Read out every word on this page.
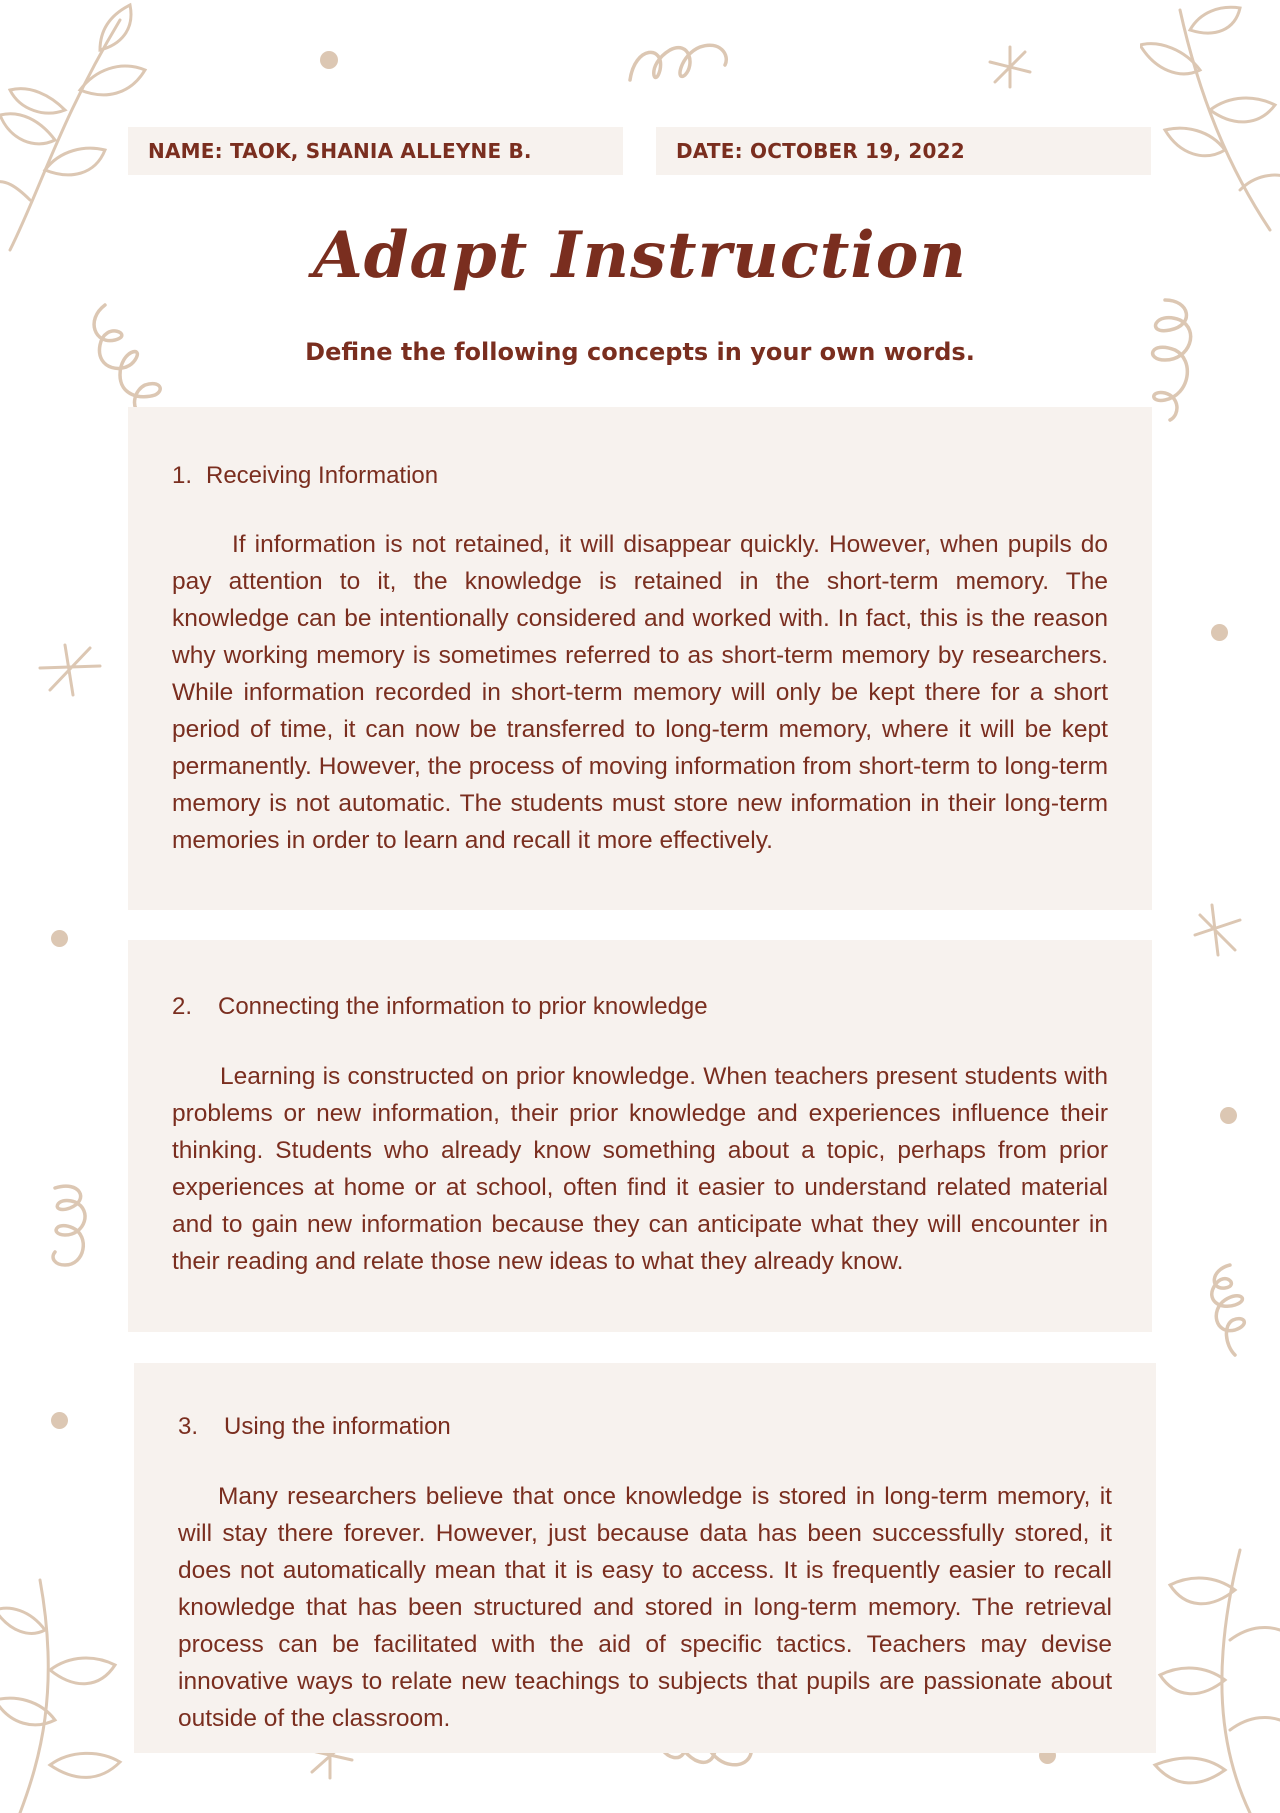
NAME: TAOK, SHANIA ALLEYNE B.	DATE: OCTOBER 19, 2022
Adapt Instruction
Define the following concepts in your own words.

1. Receiving Information

If information is not retained, it will disappear quickly. However, when pupils do pay attention to it, the knowledge is retained in the short-term memory. The knowledge can be intentionally considered and worked with. In fact, this is the reason why working memory is sometimes referred to as short-term memory by researchers. While information recorded in short-term memory will only be kept there for a short period of time, it can now be transferred to long-term memory, where it will be kept permanently. However, the process of moving information from short-term to long-term memory is not automatic. The students must store new information in their long-term memories in order to learn and recall it more effectively.

2.	Connecting the information to prior knowledge

Learning is constructed on prior knowledge. When teachers present students with problems or new information, their prior knowledge and experiences influence their thinking. Students who already know something about a topic, perhaps from prior experiences at home or at school, often find it easier to understand related material and to gain new information because they can anticipate what they will encounter in their reading and relate those new ideas to what they already know.

3.	Using the information

Many researchers believe that once knowledge is stored in long-term memory, it will stay there forever. However, just because data has been successfully stored, it does not automatically mean that it is easy to access. It is frequently easier to recall knowledge that has been structured and stored in long-term memory. The retrieval process can be facilitated with the aid of specific tactics. Teachers may devise innovative ways to relate new teachings to subjects that pupils are passionate about outside of the classroom.
